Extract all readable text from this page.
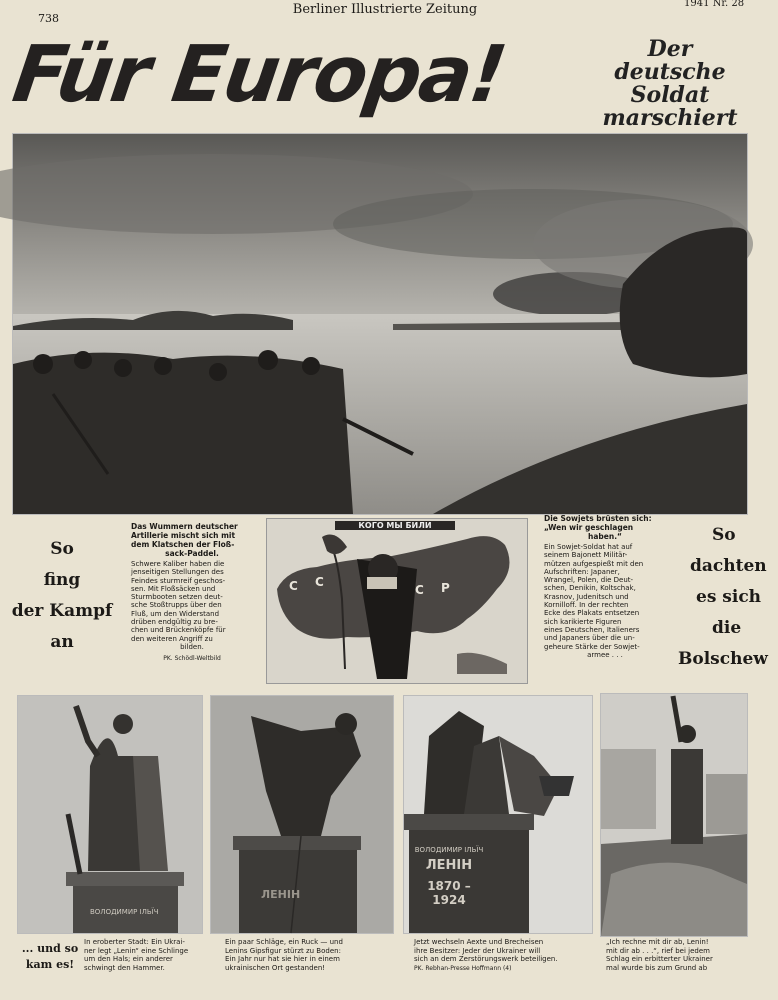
738
Berliner Illustrierte Zeitung	1941 Nr. 28
Für Europa!	Der deutsche
Soldat
marschiert
So
fing
der Kampf
an
Das Wummern deutscher
Artillerie mischt sich mit
dem Klatschen der Floß-
sack-Paddel.
Schwere Kaliber haben die
jenseitigen Stellungen des
Feindes sturmreif geschos-
sen. Mit Floßsäcken und
Sturmbooten setzen deut-
sche Stoßtrupps über den
Fluß, um den Widerstand
drüben endgültig zu bre-
chen und Brückenköpfe für
den weiteren Angriff zu
bilden.
PK. Schödl-Weltbild
КОГО МЫ БИЛИ
С С
С Р
Die Sowjets brüsten sich:
„Wen wir geschlagen
haben.“
Ein Sowjet-Soldat hat auf
seinem Bajonett Militär-
mützen aufgespießt mit den
Aufschriften: Japaner,
Wrangel, Polen, die Deut-
schen, Denikin, Koltschak,
Krasnov, Judenitsch und
Kornilloff. In der rechten
Ecke des Plakats entsetzen
sich karikierte Figuren
eines Deutschen, Italieners
und Japaners über die un-
geheure Stärke der Sowjet-
armee . . .
So
dachten
es sich
die
Bolschew
ВОЛОДИМИР ІЛЬЇЧ
ЛЕНІН
ВОЛОДИМИР ІЛЬЇЧ
ЛЕНІН
1870 – 1924
... und so
kam es!
In eroberter Stadt: Ein Ukrai-
ner legt „Lenin“ eine Schlinge
um den Hals; ein anderer
schwingt den Hammer.
Ein paar Schläge, ein Ruck — und
Lenins Gipsfigur stürzt zu Boden:
Ein Jahr nur hat sie hier in einem
ukrainischen Ort gestanden!
Jetzt wechseln Aexte und Brecheisen
ihre Besitzer: Jeder der Ukrainer will
sich an dem Zerstörungswerk beteiligen.
PK. Rebhan-Presse Hoffmann (4)
„Ich rechne mit dir ab, Lenin!
mit dir ab . . .“, rief bei jedem
Schlag ein erbitterter Ukrainer
mal wurde bis zum Grund ab
